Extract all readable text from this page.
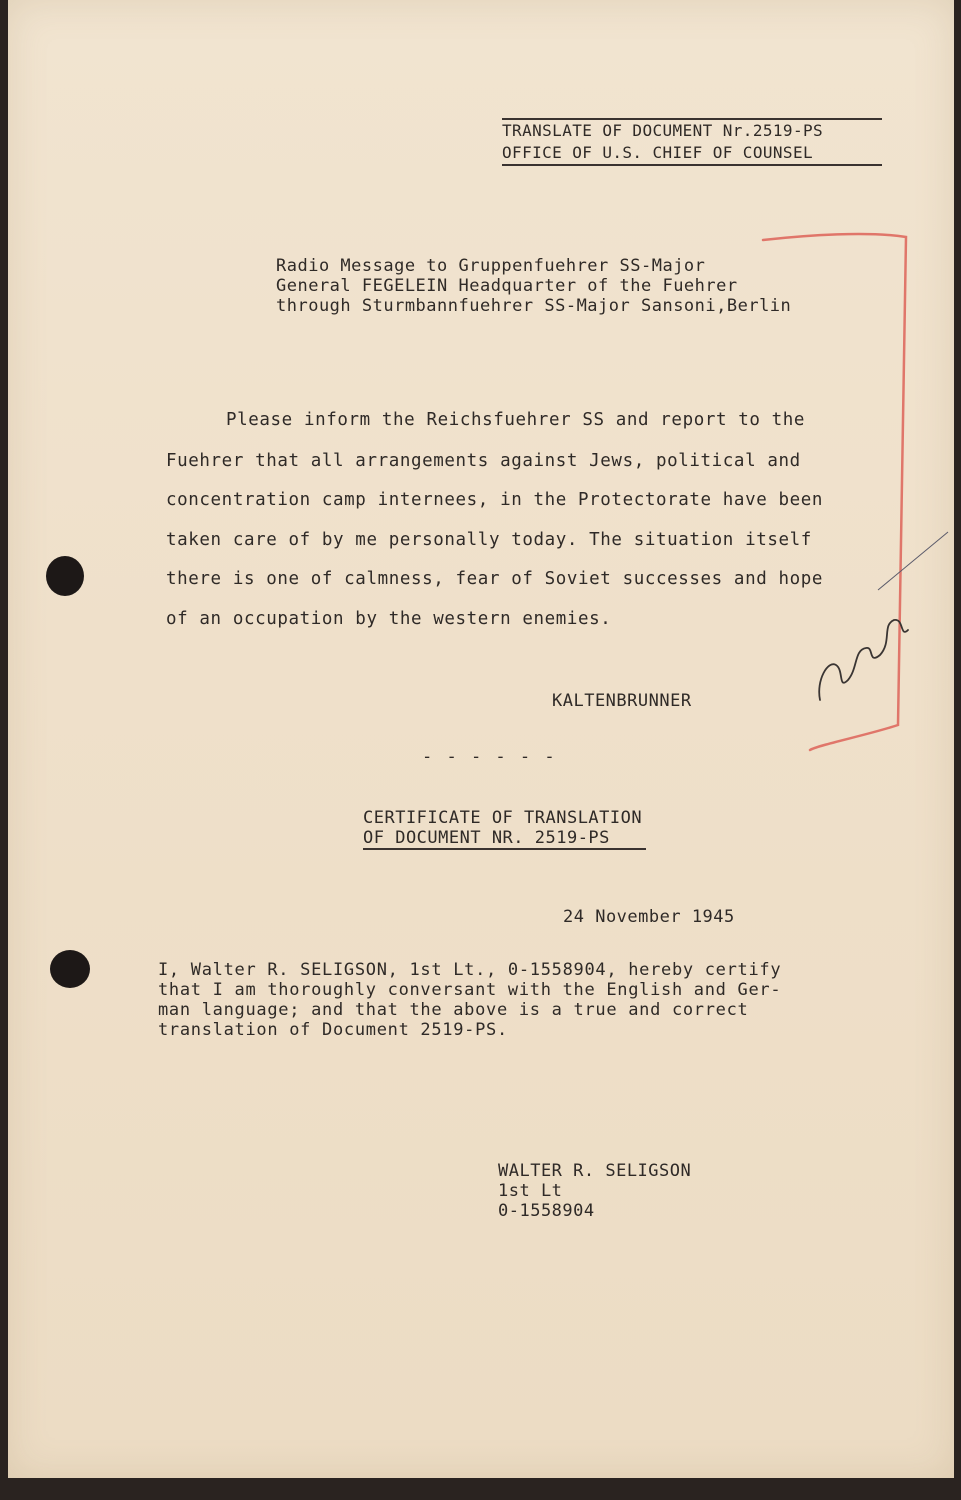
TRANSLATE OF DOCUMENT Nr.2519-PS
OFFICE OF U.S. CHIEF OF COUNSEL
Radio Message to Gruppenfuehrer SS-Major
General FEGELEIN Headquarter of the Fuehrer
through Sturmbannfuehrer SS-Major Sansoni,Berlin
Please inform the Reichsfuehrer SS and report to the
Fuehrer that all arrangements against Jews, political and
concentration camp internees, in the Protectorate have been
taken care of by me personally today. The situation itself
there is one of calmness, fear of Soviet successes and hope
of an occupation by the western enemies.
KALTENBRUNNER
- - - - - -
CERTIFICATE OF TRANSLATION
OF DOCUMENT NR. 2519-PS
24 November 1945
I, Walter R. SELIGSON, 1st Lt., 0-1558904, hereby certify
that I am thoroughly conversant with the English and Ger-
man language; and that the above is a true and correct
translation of Document 2519-PS.
WALTER R. SELIGSON
1st Lt
0-1558904
